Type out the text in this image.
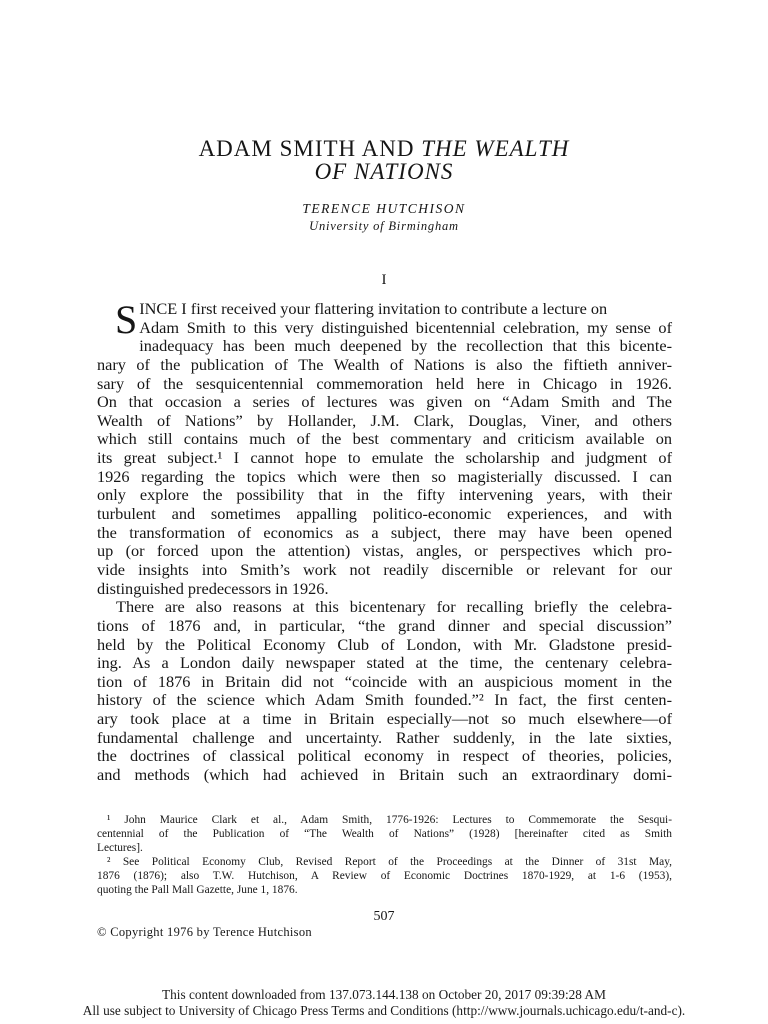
ADAM SMITH AND THE WEALTH
OF NATIONS
TERENCE HUTCHISON
University of Birmingham
I
SINCE I first received your flattering invitation to contribute a lecture on
Adam Smith to this very distinguished bicentennial celebration, my sense of
inadequacy has been much deepened by the recollection that this bicente-
nary of the publication of The Wealth of Nations is also the fiftieth anniver-
sary of the sesquicentennial commemoration held here in Chicago in 1926.
On that occasion a series of lectures was given on “Adam Smith and The
Wealth of Nations” by Hollander, J.M. Clark, Douglas, Viner, and others
which still contains much of the best commentary and criticism available on
its great subject.¹ I cannot hope to emulate the scholarship and judgment of
1926 regarding the topics which were then so magisterially discussed. I can
only explore the possibility that in the fifty intervening years, with their
turbulent and sometimes appalling politico-economic experiences, and with
the transformation of economics as a subject, there may have been opened
up (or forced upon the attention) vistas, angles, or perspectives which pro-
vide insights into Smith’s work not readily discernible or relevant for our
distinguished predecessors in 1926.
There are also reasons at this bicentenary for recalling briefly the celebra-
tions of 1876 and, in particular, “the grand dinner and special discussion”
held by the Political Economy Club of London, with Mr. Gladstone presid-
ing. As a London daily newspaper stated at the time, the centenary celebra-
tion of 1876 in Britain did not “coincide with an auspicious moment in the
history of the science which Adam Smith founded.”² In fact, the first centen-
ary took place at a time in Britain especially—not so much elsewhere—of
fundamental challenge and uncertainty. Rather suddenly, in the late sixties,
the doctrines of classical political economy in respect of theories, policies,
and methods (which had achieved in Britain such an extraordinary domi-
¹ John Maurice Clark et al., Adam Smith, 1776-1926: Lectures to Commemorate the Sesqui-
centennial of the Publication of “The Wealth of Nations” (1928) [hereinafter cited as Smith
Lectures].
² See Political Economy Club, Revised Report of the Proceedings at the Dinner of 31st May,
1876 (1876); also T.W. Hutchison, A Review of Economic Doctrines 1870-1929, at 1-6 (1953),
quoting the Pall Mall Gazette, June 1, 1876.
507
© Copyright 1976 by Terence Hutchison
This content downloaded from 137.073.144.138 on October 20, 2017 09:39:28 AM
All use subject to University of Chicago Press Terms and Conditions (http://www.journals.uchicago.edu/t-and-c).
